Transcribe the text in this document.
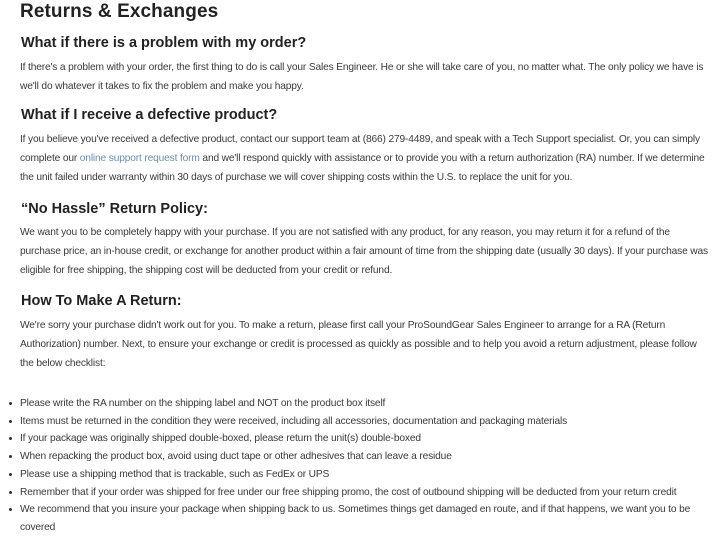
Returns & Exchanges
What if there is a problem with my order?

If there's a problem with your order, the first thing to do is call your Sales Engineer. He or she will take care of you, no matter what. The only policy we have is we'll do whatever it takes to fix the problem and make you happy.

What if I receive a defective product?

If you believe you've received a defective product, contact our support team at (866) 279-4489, and speak with a Tech Support specialist. Or, you can simply complete our online support request form and we'll respond quickly with assistance or to provide you with a return authorization (RA) number. If we determine the unit failed under warranty within 30 days of purchase we will cover shipping costs within the U.S. to replace the unit for you.

“No Hassle” Return Policy:

We want you to be completely happy with your purchase. If you are not satisfied with any product, for any reason, you may return it for a refund of the purchase price, an in-house credit, or exchange for another product within a fair amount of time from the shipping date (usually 30 days). If your purchase was eligible for free shipping, the shipping cost will be deducted from your credit or refund.

How To Make A Return:

We're sorry your purchase didn't work out for you. To make a return, please first call your ProSoundGear Sales Engineer to arrange for a RA (Return Authorization) number. Next, to ensure your exchange or credit is processed as quickly as possible and to help you avoid a return adjustment, please follow the below checklist:

Please write the RA number on the shipping label and NOT on the product box itself
Items must be returned in the condition they were received, including all accessories, documentation and packaging materials
If your package was originally shipped double-boxed, please return the unit(s) double-boxed
When repacking the product box, avoid using duct tape or other adhesives that can leave a residue
Please use a shipping method that is trackable, such as FedEx or UPS
Remember that if your order was shipped for free under our free shipping promo, the cost of outbound shipping will be deducted from your return credit
We recommend that you insure your package when shipping back to us. Sometimes things get damaged en route, and if that happens, we want you to be covered
